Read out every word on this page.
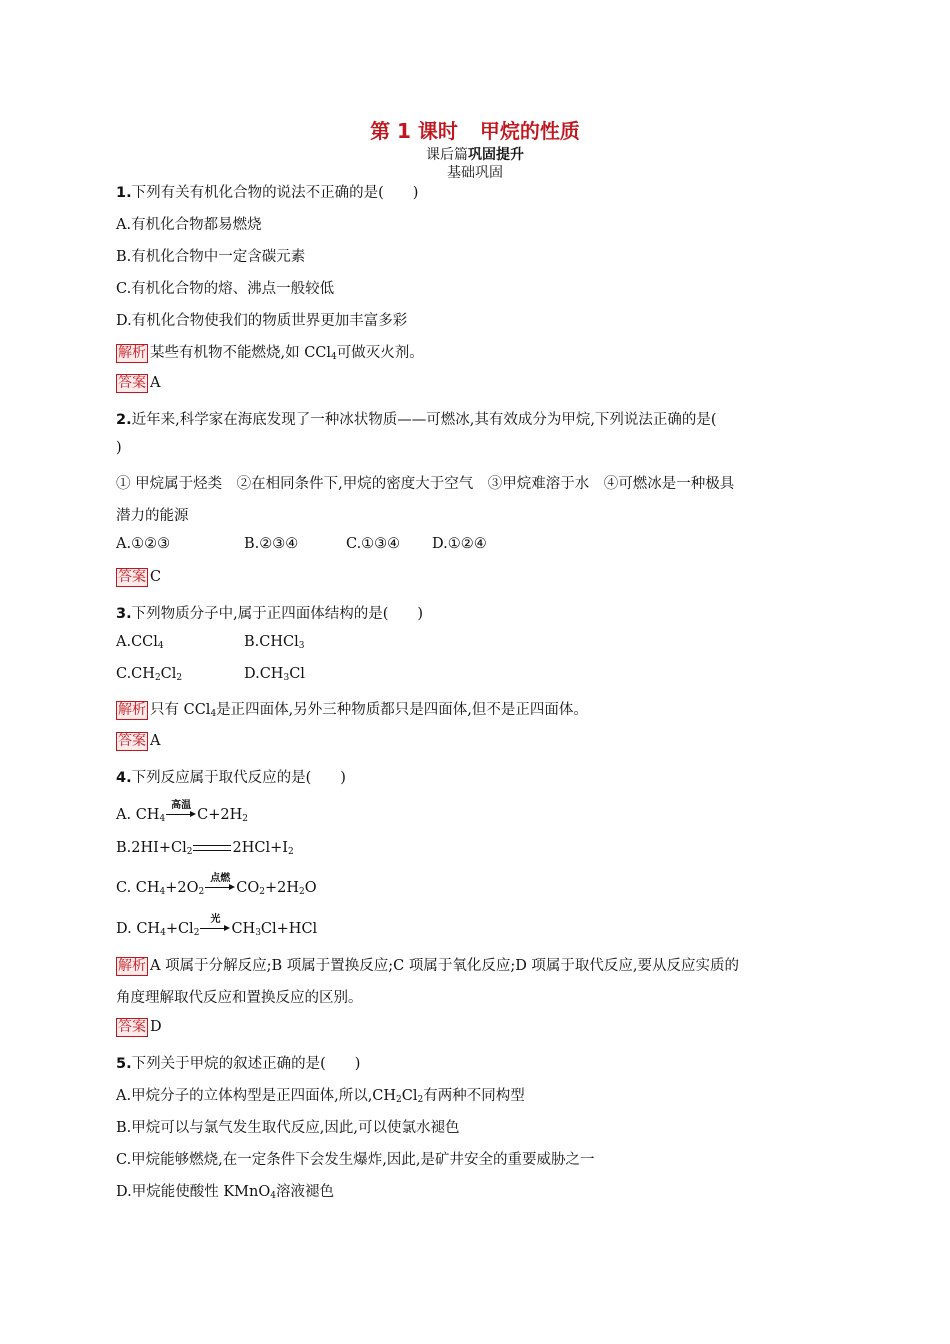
第 1 课时 甲烷的性质
课后篇巩固提升
基础巩固
1.下列有关有机化合物的说法不正确的是(　　)
A.有机化合物都易燃烧
B.有机化合物中一定含碳元素
C.有机化合物的熔、沸点一般较低
D.有机化合物使我们的物质世界更加丰富多彩
解析 某些有机物不能燃烧,如 CCl$_4$可做灭火剂。
答案 A
2.近年来,科学家在海底发现了一种冰状物质——可燃冰,其有效成分为甲烷,下列说法正确的是(
)
① 甲烷属于烃类　②在相同条件下,甲烷的密度大于空气　③甲烷难溶于水　④可燃冰是一种极具
潜力的能源
A.①②③	B.②③④	C.①③④ D.①②④
答案 C
3.下列物质分子中,属于正四面体结构的是(　　)
A.CCl$_4$	B.CHCl$_3$
$C.CH_2Cl_2$	$D.CH_3Cl$
解析 只有 CCl$_4$是正四面体,另外三种物质都只是四面体,但不是正四面体。
答案 A
4.下列反应属于取代反应的是(　　)
A. $CH_4$
高温
$C+2H_2$
$B.2HI+Cl_2$	$2HCl+I_2$
C. $CH_4+2O_2$
点燃
$CO_2+2H_2O$
D. $CH_4+Cl_2$
光
$CH_3Cl+HCl$
解析 A 项属于分解反应;B 项属于置换反应;C 项属于氧化反应;D 项属于取代反应,要从反应实质的
角度理解取代反应和置换反应的区别。
答案 D
5.下列关于甲烷的叙述正确的是(　　)
A.甲烷分子的立体构型是正四面体,所以$,CH_2Cl_2$有两种不同构型
B.甲烷可以与氯气发生取代反应,因此,可以使氯水褪色
C.甲烷能够燃烧,在一定条件下会发生爆炸,因此,是矿井安全的重要威胁之一
D.甲烷能使酸性 KMnO$_4$溶液褪色
